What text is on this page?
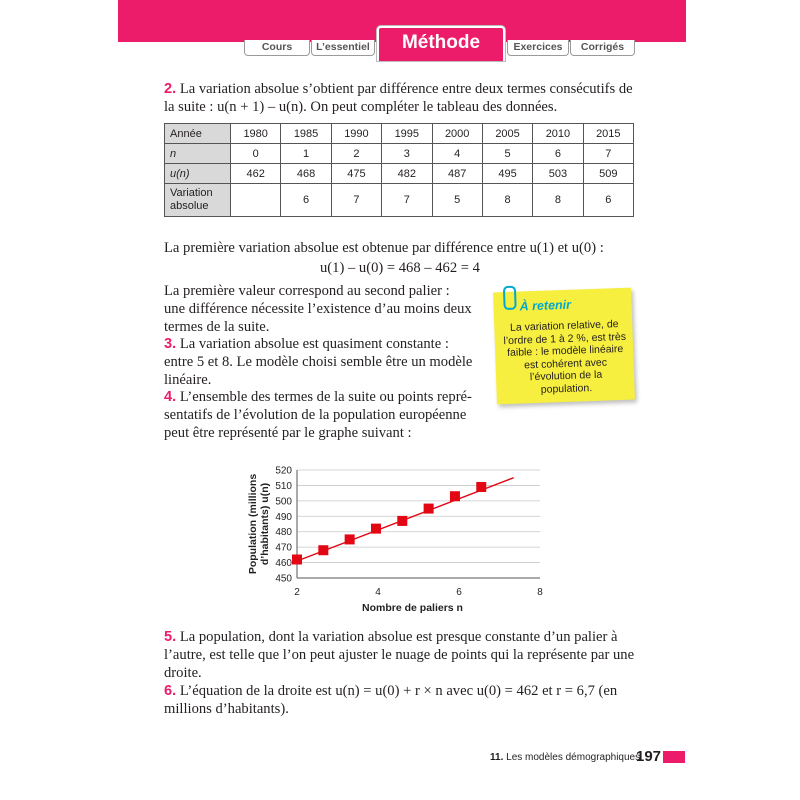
Cours	L’essentiel	Méthode	Exercices	Corrigés

2. La variation absolue s’obtient par différence entre deux termes consécutifs de
la suite : u(n + 1) – u(n). On peut compléter le tableau des données.

Année	1980	1985	1990	1995	2000	2005	2010	2015
n	0	1	2	3	4	5	6	7
u(n)	462	468	475	482	487	495	503	509
Variation absolue		6	7	7	5	8	8	6

La première variation absolue est obtenue par différence entre u(1) et u(0) :

u(1) – u(0) = 468 – 462 = 4

La première valeur correspond au second palier :
une différence nécessite l’existence d’au moins deux
termes de la suite.

3. La variation absolue est quasiment constante :
entre 5 et 8. Le modèle choisi semble être un modèle
linéaire.

4. L’ensemble des termes de la suite ou points repré-
sentatifs de l’évolution de la population européenne
peut être représenté par le graphe suivant :

À retenir
La variation relative, de l’ordre de 1 à 2 %, est très faible : le modèle linéaire est cohérent avec l’évolution de la population.
450
460
470
480
490
500
510
520
2	4	6	8
Nombre de paliers n
Population (millionsd’habitants) u(n)

5. La population, dont la variation absolue est presque constante d’un palier à
l’autre, est telle que l’on peut ajuster le nuage de points qui la représente par une
droite.

6. L’équation de la droite est u(n) = u(0) + r × n avec u(0) = 462 et r = 6,7 (en
millions d’habitants).

11. Les modèles démographiques
197
